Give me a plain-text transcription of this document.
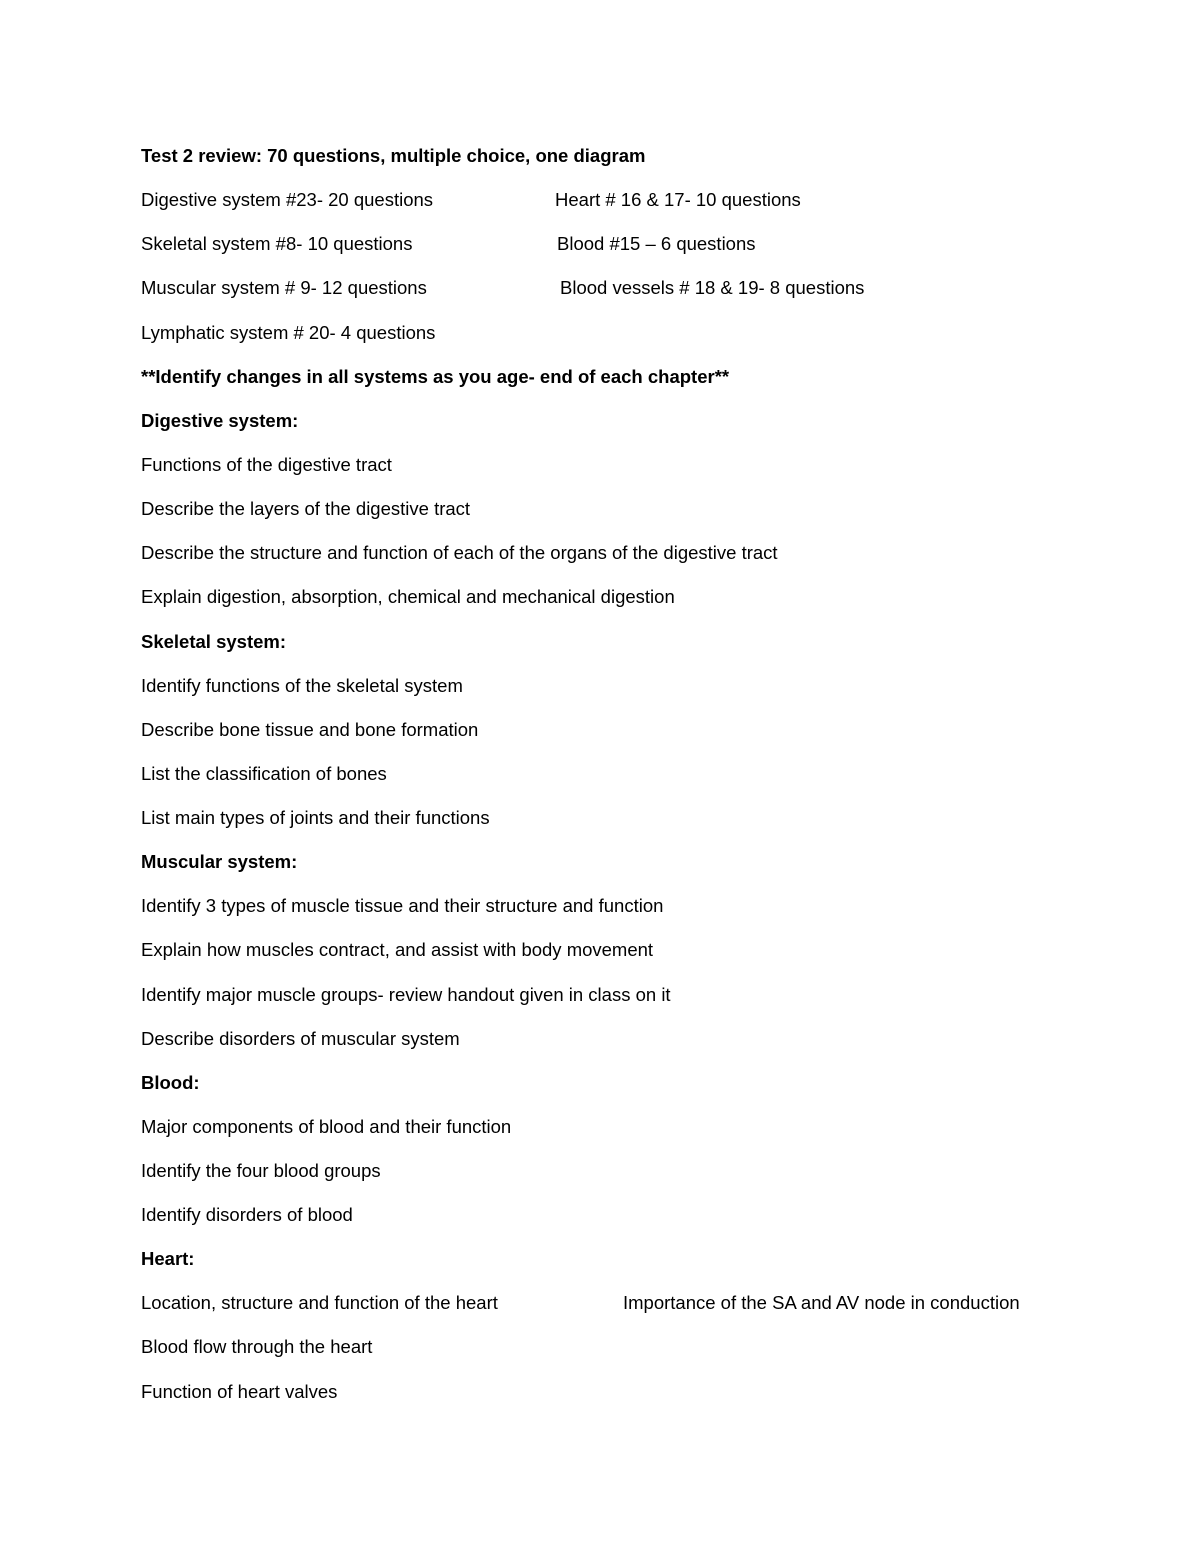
Test 2 review: 70 questions, multiple choice, one diagram
Digestive system #23- 20 questions	Heart # 16 & 17- 10 questions
Skeletal system #8- 10 questions	Blood #15 – 6 questions
Muscular system # 9- 12 questions	Blood vessels # 18 & 19- 8 questions
Lymphatic system # 20- 4 questions
**Identify changes in all systems as you age- end of each chapter**
Digestive system:
Functions of the digestive tract
Describe the layers of the digestive tract
Describe the structure and function of each of the organs of the digestive tract
Explain digestion, absorption, chemical and mechanical digestion
Skeletal system:
Identify functions of the skeletal system
Describe bone tissue and bone formation
List the classification of bones
List main types of joints and their functions
Muscular system:
Identify 3 types of muscle tissue and their structure and function
Explain how muscles contract, and assist with body movement
Identify major muscle groups- review handout given in class on it
Describe disorders of muscular system
Blood:
Major components of blood and their function
Identify the four blood groups
Identify disorders of blood
Heart:
Location, structure and function of the heart	Importance of the SA and AV node in conduction
Blood flow through the heart
Function of heart valves
